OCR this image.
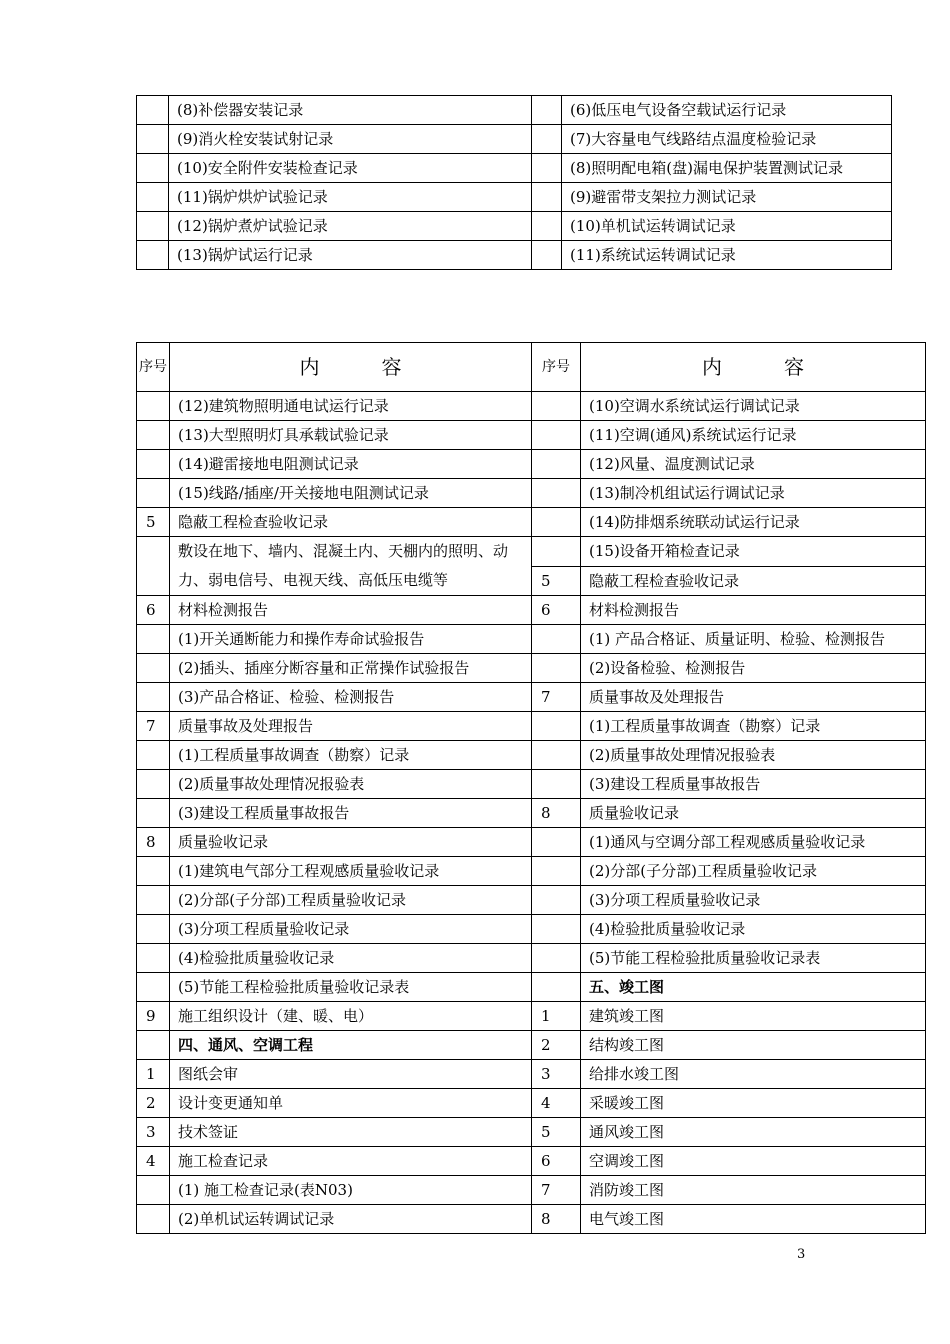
	(8)补偿器安装记录		(6)低压电气设备空载试运行记录
	(9)消火栓安装试射记录		(7)大容量电气线路结点温度检验记录
	(10)安全附件安装检查记录		(8)照明配电箱(盘)漏电保护装置测试记录
	(11)锅炉烘炉试验记录		(9)避雷带支架拉力测试记录
	(12)锅炉煮炉试验记录		(10)单机试运转调试记录
	(13)锅炉试运行记录		(11)系统试运转调试记录
序号	内容	序号	内容
	(12)建筑物照明通电试运行记录		(10)空调水系统试运行调试记录
	(13)大型照明灯具承载试验记录		(11)空调(通风)系统试运行记录
	(14)避雷接地电阻测试记录		(12)风量、温度测试记录
	(15)线路/插座/开关接地电阻测试记录		(13)制冷机组试运行调试记录
5	隐蔽工程检查验收记录		(14)防排烟系统联动试运行记录
	敷设在地下、墙内、混凝土内、天棚内的照明、动力、弱电信号、电视天线、高低压电缆等		(15)设备开箱检查记录
		5	隐蔽工程检查验收记录
6	材料检测报告	6	材料检测报告
	(1)开关通断能力和操作寿命试验报告		(1) 产品合格证、质量证明、检验、检测报告
	(2)插头、插座分断容量和正常操作试验报告		(2)设备检验、检测报告
	(3)产品合格证、检验、检测报告	7	质量事故及处理报告
7	质量事故及处理报告		(1)工程质量事故调查（勘察）记录
	(1)工程质量事故调查（勘察）记录		(2)质量事故处理情况报验表
	(2)质量事故处理情况报验表		(3)建设工程质量事故报告
	(3)建设工程质量事故报告	8	质量验收记录
8	质量验收记录		(1)通风与空调分部工程观感质量验收记录
	(1)建筑电气部分工程观感质量验收记录		(2)分部(子分部)工程质量验收记录
	(2)分部(子分部)工程质量验收记录		(3)分项工程质量验收记录
	(3)分项工程质量验收记录		(4)检验批质量验收记录
	(4)检验批质量验收记录		(5)节能工程检验批质量验收记录表
	(5)节能工程检验批质量验收记录表		五、竣工图
9	施工组织设计（建、暖、电）	1	建筑竣工图
	四、通风、空调工程	2	结构竣工图
1	图纸会审	3	给排水竣工图
2	设计变更通知单	4	采暖竣工图
3	技术签证	5	通风竣工图
4	施工检查记录	6	空调竣工图
	(1) 施工检查记录(表N03)	7	消防竣工图
	(2)单机试运转调试记录	8	电气竣工图
3
